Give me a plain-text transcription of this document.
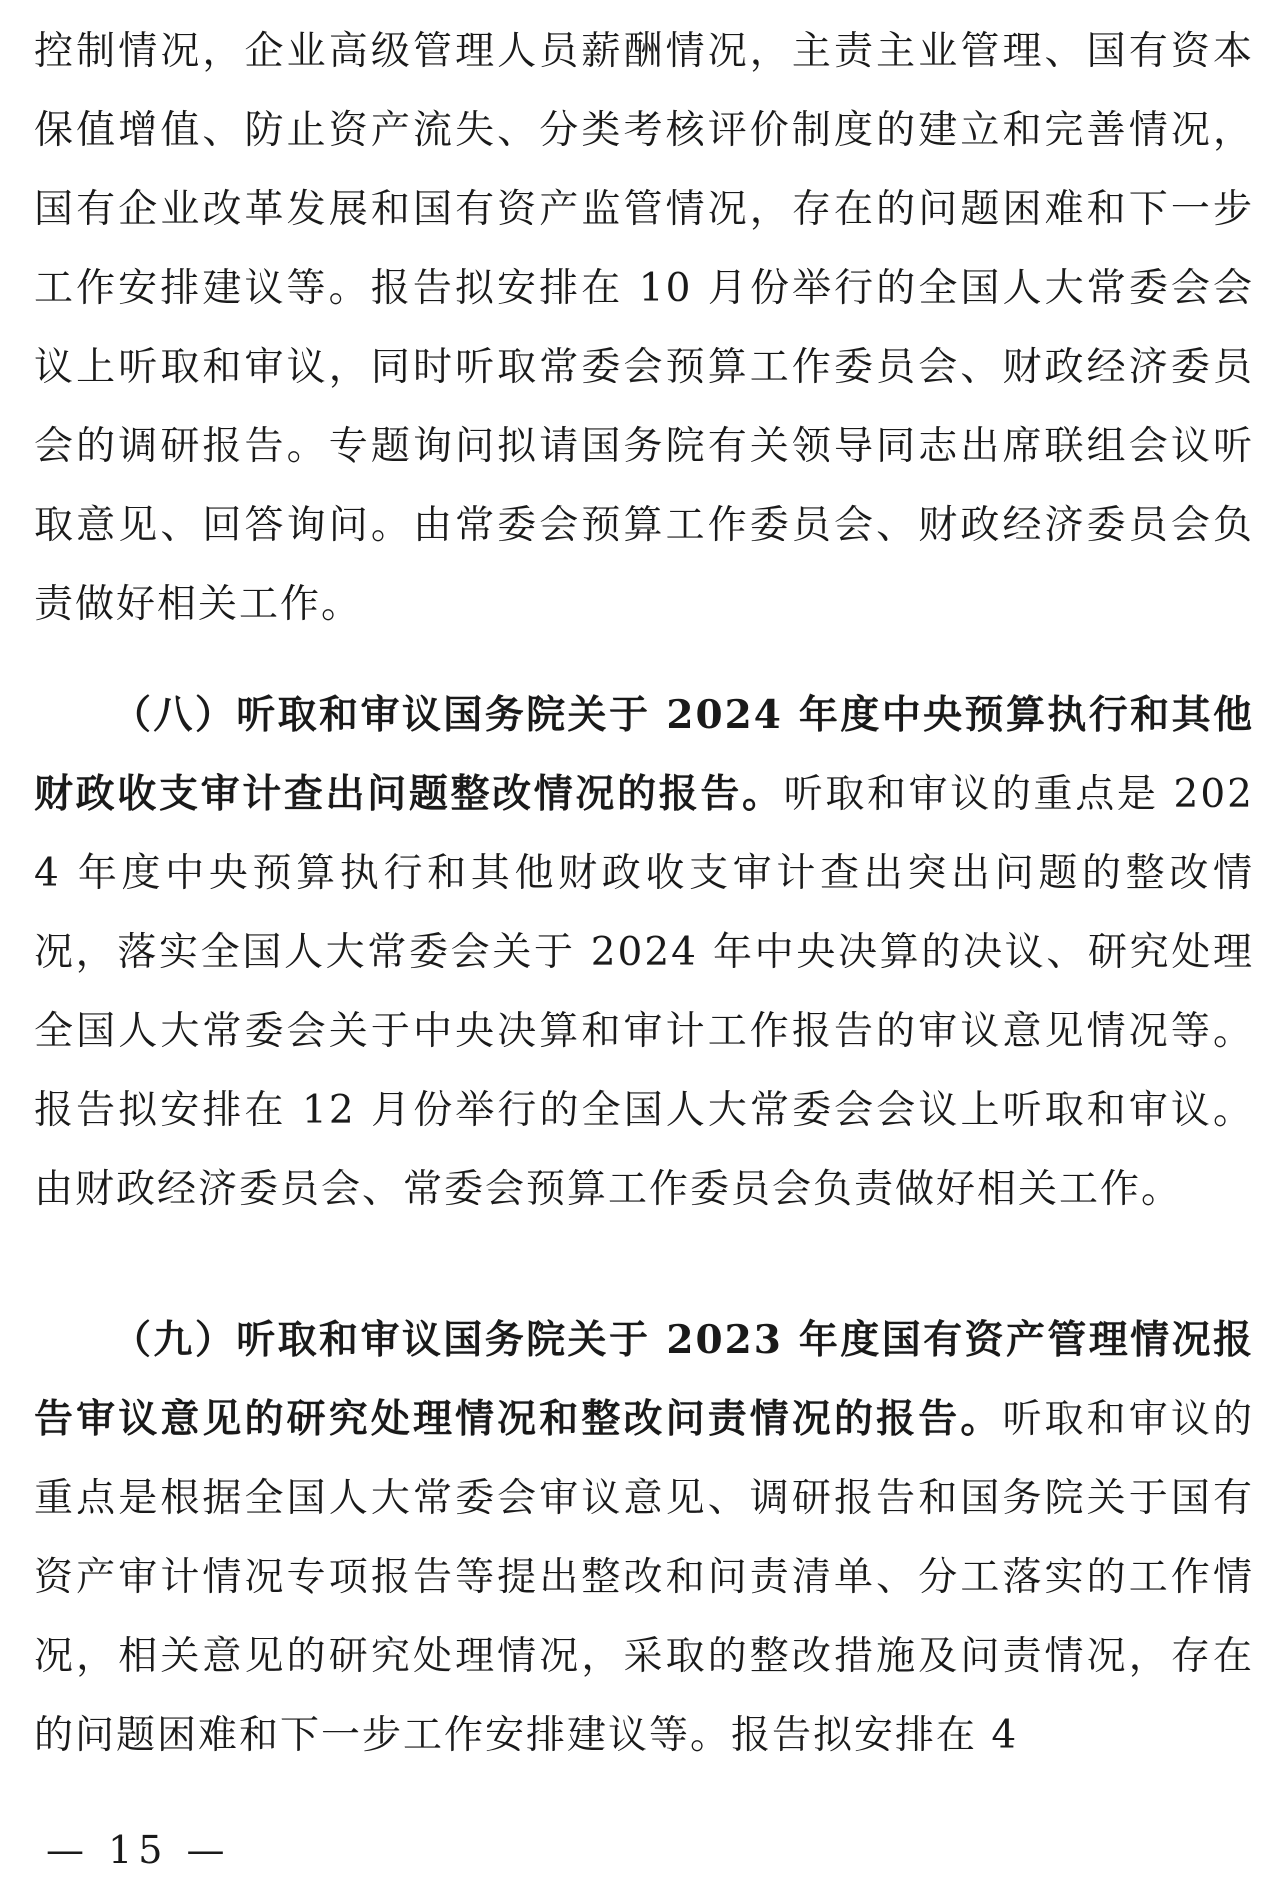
控制情况，企业高级管理人员薪酬情况，主责主业管理、国有资本保值增值、防止资产流失、分类考核评价制度的建立和完善情况，国有企业改革发展和国有资产监管情况，存在的问题困难和下一步工作安排建议等。报告拟安排在 10 月份举行的全国人大常委会会议上听取和审议，同时听取常委会预算工作委员会、财政经济委员会的调研报告。专题询问拟请国务院有关领导同志出席联组会议听取意见、回答询问。由常委会预算工作委员会、财政经济委员会负责做好相关工作。

（八）听取和审议国务院关于 2024 年度中央预算执行和其他财政收支审计查出问题整改情况的报告。听取和审议的重点是 2024 年度中央预算执行和其他财政收支审计查出突出问题的整改情况，落实全国人大常委会关于 2024 年中央决算的决议、研究处理全国人大常委会关于中央决算和审计工作报告的审议意见情况等。报告拟安排在 12 月份举行的全国人大常委会会议上听取和审议。由财政经济委员会、常委会预算工作委员会负责做好相关工作。

（九）听取和审议国务院关于 2023 年度国有资产管理情况报告审议意见的研究处理情况和整改问责情况的报告。听取和审议的重点是根据全国人大常委会审议意见、调研报告和国务院关于国有资产审计情况专项报告等提出整改和问责清单、分工落实的工作情况，相关意见的研究处理情况，采取的整改措施及问责情况，存在的问题困难和下一步工作安排建议等。报告拟安排在 4

— 15 —
